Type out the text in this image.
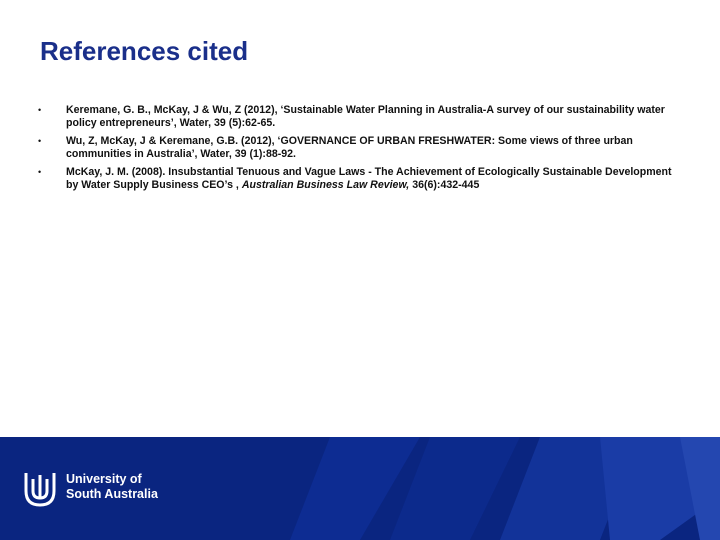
References cited
• Keremane, G. B., McKay, J & Wu, Z (2012), ‘Sustainable Water Planning in Australia-A survey of our sustainability water policy entrepreneurs’, Water, 39 (5):62-65.
• Wu, Z, McKay, J & Keremane, G.B. (2012), ‘GOVERNANCE OF URBAN FRESHWATER: Some views of three urban communities in Australia’, Water, 39 (1):88-92.
• McKay, J. M. (2008). Insubstantial Tenuous and Vague Laws - The Achievement of Ecologically Sustainable Development by Water Supply Business CEO’s , Australian Business Law Review, 36(6):432-445
University of
South Australia
